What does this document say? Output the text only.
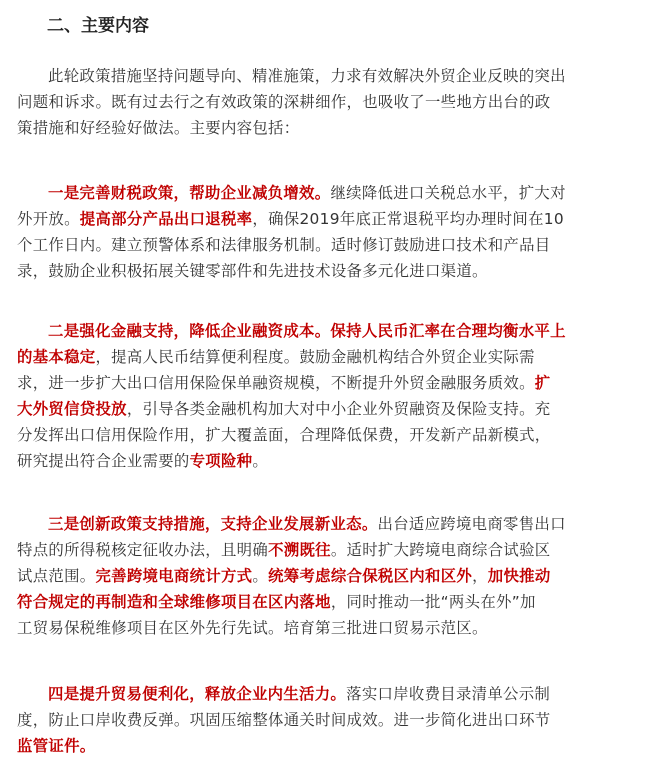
二、主要内容
此轮政策措施坚持问题导向、精准施策，力求有效解决外贸企业反映的突出
问题和诉求。既有过去行之有效政策的深耕细作，也吸收了一些地方出台的政
策措施和好经验好做法。主要内容包括：
一是完善财税政策，帮助企业减负增效。继续降低进口关税总水平，扩大对
外开放。提高部分产品出口退税率，确保2019年底正常退税平均办理时间在10
个工作日内。建立预警体系和法律服务机制。适时修订鼓励进口技术和产品目
录，鼓励企业积极拓展关键零部件和先进技术设备多元化进口渠道。
二是强化金融支持，降低企业融资成本。保持人民币汇率在合理均衡水平上
的基本稳定，提高人民币结算便利程度。鼓励金融机构结合外贸企业实际需
求，进一步扩大出口信用保险保单融资规模，不断提升外贸金融服务质效。扩
大外贸信贷投放，引导各类金融机构加大对中小企业外贸融资及保险支持。充
分发挥出口信用保险作用，扩大覆盖面，合理降低保费，开发新产品新模式，
研究提出符合企业需要的专项险种。
三是创新政策支持措施，支持企业发展新业态。出台适应跨境电商零售出口
特点的所得税核定征收办法，且明确不溯既往。适时扩大跨境电商综合试验区
试点范围。完善跨境电商统计方式。统筹考虑综合保税区内和区外，加快推动
符合规定的再制造和全球维修项目在区内落地，同时推动一批“两头在外”加
工贸易保税维修项目在区外先行先试。培育第三批进口贸易示范区。
四是提升贸易便利化，释放企业内生活力。落实口岸收费目录清单公示制
度，防止口岸收费反弹。巩固压缩整体通关时间成效。进一步简化进出口环节
监管证件。
